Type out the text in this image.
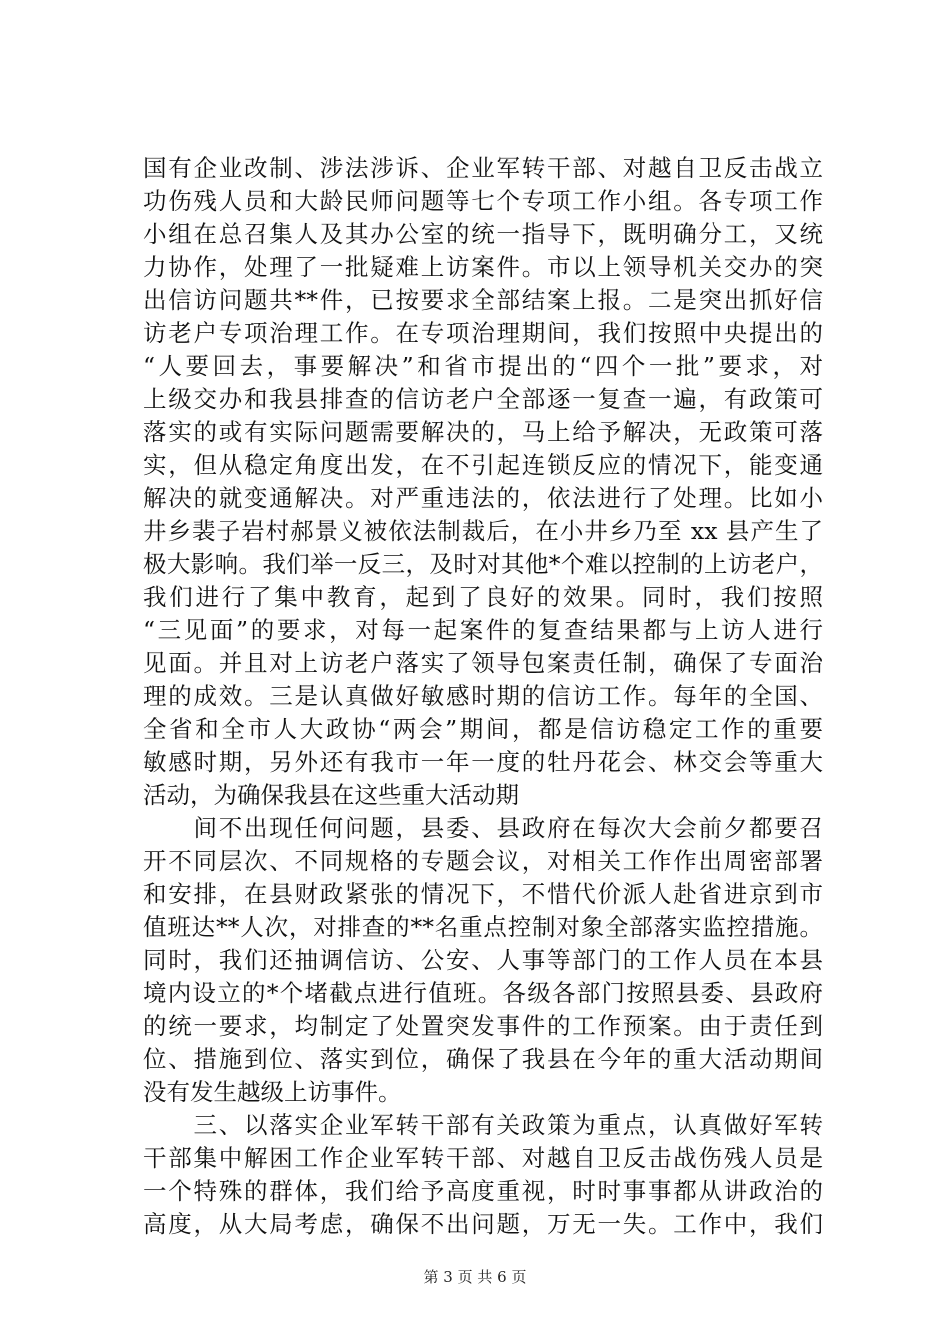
国有企业改制、涉法涉诉、企业军转干部、对越自卫反击战立
功伤残人员和大龄民师问题等七个专项工作小组。各专项工作
小组在总召集人及其办公室的统一指导下，既明确分工，又统
力协作，处理了一批疑难上访案件。市以上领导机关交办的突
出信访问题共**件，已按要求全部结案上报。二是突出抓好信
访老户专项治理工作。在专项治理期间，我们按照中央提出的
“人要回去，事要解决”和省市提出的“四个一批”要求，对
上级交办和我县排查的信访老户全部逐一复查一遍，有政策可
落实的或有实际问题需要解决的，马上给予解决，无政策可落
实，但从稳定角度出发，在不引起连锁反应的情况下，能变通
解决的就变通解决。对严重违法的，依法进行了处理。比如小
井乡裴子岩村郝景义被依法制裁后，在小井乡乃至 xx 县产生了
极大影响。我们举一反三，及时对其他*个难以控制的上访老户，
我们进行了集中教育，起到了良好的效果。同时，我们按照
“三见面”的要求，对每一起案件的复查结果都与上访人进行
见面。并且对上访老户落实了领导包案责任制，确保了专面治
理的成效。三是认真做好敏感时期的信访工作。每年的全国、
全省和全市人大政协“两会”期间，都是信访稳定工作的重要
敏感时期，另外还有我市一年一度的牡丹花会、林交会等重大
活动，为确保我县在这些重大活动期
　　间不出现任何问题，县委、县政府在每次大会前夕都要召
开不同层次、不同规格的专题会议，对相关工作作出周密部署
和安排，在县财政紧张的情况下，不惜代价派人赴省进京到市
值班达**人次，对排查的**名重点控制对象全部落实监控措施。
同时，我们还抽调信访、公安、人事等部门的工作人员在本县
境内设立的*个堵截点进行值班。各级各部门按照县委、县政府
的统一要求，均制定了处置突发事件的工作预案。由于责任到
位、措施到位、落实到位，确保了我县在今年的重大活动期间
没有发生越级上访事件。
　　三、以落实企业军转干部有关政策为重点，认真做好军转
干部集中解困工作企业军转干部、对越自卫反击战伤残人员是
一个特殊的群体，我们给予高度重视，时时事事都从讲政治的
高度，从大局考虑，确保不出问题，万无一失。工作中，我们
第 3 页 共 6 页
